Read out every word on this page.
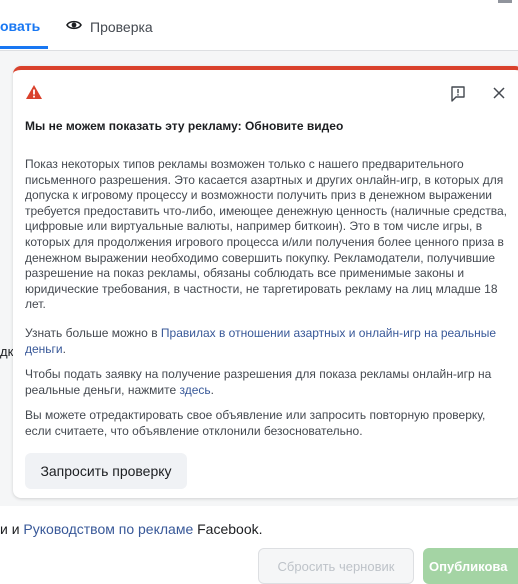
овать	Проверка
дк
Мы не можем показать эту рекламу: Обновите видео

Показ некоторых типов рекламы возможен только с нашего предварительного письменного разрешения. Это касается азартных и других онлайн-игр, в которых для допуска к игровому процессу и возможности получить приз в денежном выражении требуется предоставить что-либо, имеющее денежную ценность (наличные средства, цифровые или виртуальные валюты, например биткоин). Это в том числе игры, в которых для продолжения игрового процесса и/или получения более ценного приза в денежном выражении необходимо совершить покупку. Рекламодатели, получившие разрешение на показ рекламы, обязаны соблюдать все применимые законы и юридические требования, в частности, не таргетировать рекламу на лиц младше 18 лет.

Узнать больше можно в Правилах в отношении азартных и онлайн-игр на реальные деньги.

Чтобы подать заявку на получение разрешения для показа рекламы онлайн-игр на реальные деньги, нажмите здесь.

Вы можете отредактировать свое объявление или запросить повторную проверку, если считаете, что объявление отклонили безосновательно.

Запросить проверку
и и Руководством по рекламе Facebook.
Сбросить черновик	Опубликова
